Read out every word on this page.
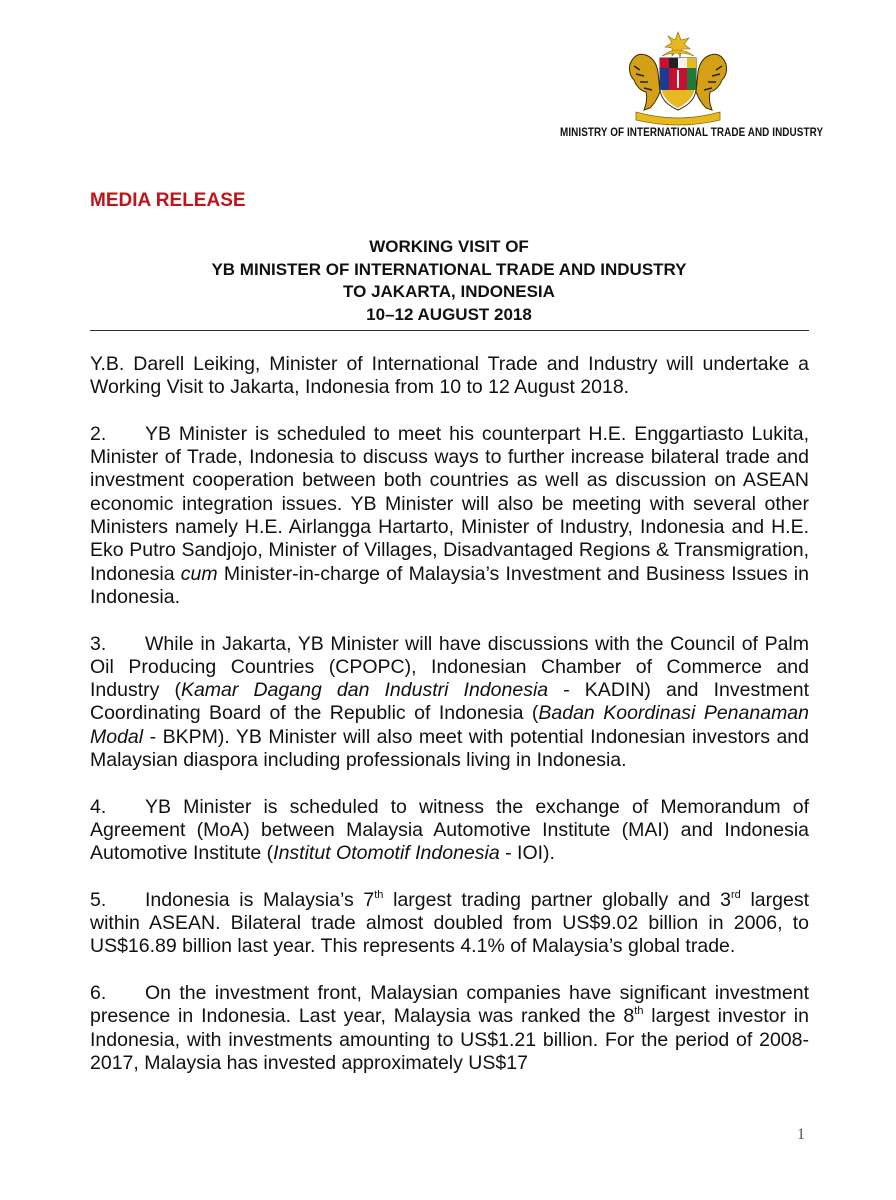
MINISTRY OF INTERNATIONAL TRADE AND INDUSTRY
MEDIA RELEASE
WORKING VISIT OF
YB MINISTER OF INTERNATIONAL TRADE AND INDUSTRY
TO JAKARTA, INDONESIA
10–12 AUGUST 2018

Y.B. Darell Leiking, Minister of International Trade and Industry will undertake a Working Visit to Jakarta, Indonesia from 10 to 12 August 2018.

2. YB Minister is scheduled to meet his counterpart H.E. Enggartiasto Lukita, Minister of Trade, Indonesia to discuss ways to further increase bilateral trade and investment cooperation between both countries as well as discussion on ASEAN economic integration issues. YB Minister will also be meeting with several other Ministers namely H.E. Airlangga Hartarto, Minister of Industry, Indonesia and H.E. Eko Putro Sandjojo, Minister of Villages, Disadvantaged Regions & Transmigration, Indonesia cum Minister-in-charge of Malaysia’s Investment and Business Issues in Indonesia.

3. While in Jakarta, YB Minister will have discussions with the Council of Palm Oil Producing Countries (CPOPC), Indonesian Chamber of Commerce and Industry (Kamar Dagang dan Industri Indonesia - KADIN) and Investment Coordinating Board of the Republic of Indonesia (Badan Koordinasi Penanaman Modal - BKPM). YB Minister will also meet with potential Indonesian investors and Malaysian diaspora including professionals living in Indonesia.

4. YB Minister is scheduled to witness the exchange of Memorandum of Agreement (MoA) between Malaysia Automotive Institute (MAI) and Indonesia Automotive Institute (Institut Otomotif Indonesia - IOI).

5. Indonesia is Malaysia’s 7th largest trading partner globally and 3rd largest within ASEAN. Bilateral trade almost doubled from US$9.02 billion in 2006, to US$16.89 billion last year. This represents 4.1% of Malaysia’s global trade.

6. On the investment front, Malaysian companies have significant investment presence in Indonesia. Last year, Malaysia was ranked the 8th largest investor in Indonesia, with investments amounting to US$1.21 billion. For the period of 2008-2017, Malaysia has invested approximately US$17

1
